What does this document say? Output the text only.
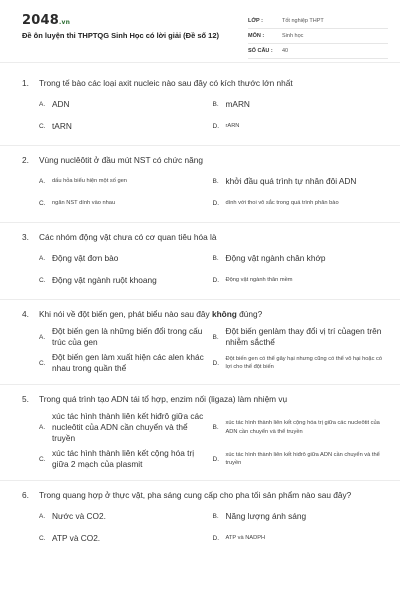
2048.vn
Đề ôn luyện thi THPTQG Sinh Học có lời giải (Đề số 12)
LỚP :	Tốt nghiệp THPT
MÔN :	Sinh học
SỐ CÂU :	40
1.	Trong tế bào các loại axit nucleic nào sau đây có kích thước lớn nhất
A. ADN	B. mARN
C. tARN	D.	rARN
2.	Vùng nuclêôtit ở đầu mút NST có chức năng
A.	dấu hỏa biểu hiện một số gen	B. khởi đầu quá trình tự nhân đôi ADN
C.	ngăn NST dính vào nhau	D.	dính với thoi vô sắc trong quá trình phân bào
3.	Các nhóm động vật chưa có cơ quan tiêu hóa là
A. Động vật đơn bào	B. Động vật ngành chân khớp
C. Động vật ngành ruột khoang	D.	Động vật ngành thân mềm
4.	Khi nói về đột biến gen, phát biểu nào sau đây không đúng?
A.
Đột biến gen là những biến đổi trong cấu trúc của gen	B.
Đột biến genlàm thay đổi vị trí củagen trên nhiễm sắcthể
C.
Đột biến gen làm xuất hiện các alen khác nhau trong quần thể	D.
Đột biến gen có thể gây hại nhưng cũng có thể vô hại hoặc có lợi cho thể đột biến
5.	Trong quá trình tạo ADN tái tổ hợp, enzim nối (ligaza) làm nhiệm vụ
A.
xúc tác hình thành liên kết hiđrô giữa các nucleôtit của ADN cần chuyển và thể truyền
B.
xúc tác hình thành liên kết cộng hóa trị giữa các nucleôtit của ADN cần chuyển và thể truyền
C.
xúc tác hình thành liên kết cộng hóa trị giữa 2 mạch của plasmit	D.
xúc tác hình thành liên kết hiđrô giữa ADN cần chuyển và thể truyền
6.	Trong quang hợp ở thực vật, pha sáng cung cấp cho pha tối sản phẩm nào sau đây?
A. Nước và CO2.	B. Năng lượng ánh sáng
C. ATP và CO2.	D.	ATP và NADPH
